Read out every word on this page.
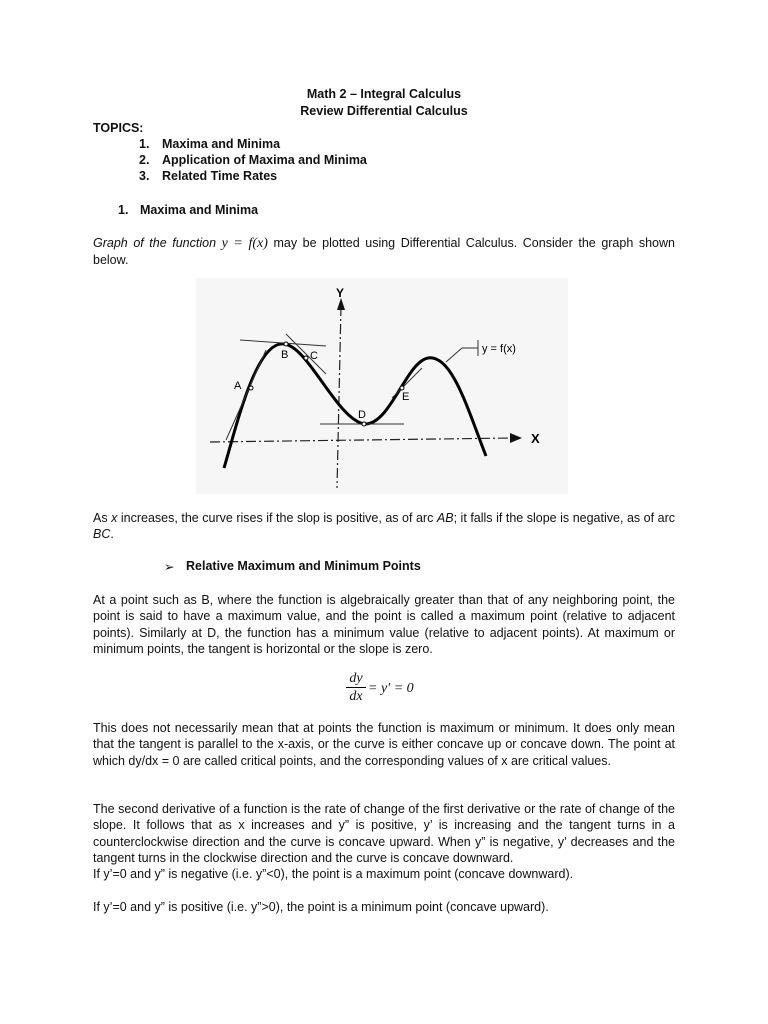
Math 2 – Integral Calculus
Review Differential Calculus
TOPICS:
1. Maxima and Minima
2. Application of Maxima and Minima
3. Related Time Rates
1. Maxima and Minima
Graph of the function y = f(x) may be plotted using Differential Calculus. Consider the graph shown below.
Y
X
A
B C
D
E
y = f(x)
As x increases, the curve rises if the slop is positive, as of arc AB; it falls if the slope is negative, as of arc BC.
➢ Relative Maximum and Minimum Points
At a point such as B, where the function is algebraically greater than that of any neighboring point, the point is said to have a maximum value, and the point is called a maximum point (relative to adjacent points). Similarly at D, the function has a minimum value (relative to adjacent points). At maximum or minimum points, the tangent is horizontal or the slope is zero.
dy
dx
= y′ = 0
This does not necessarily mean that at points the function is maximum or minimum. It does only mean that the tangent is parallel to the x-axis, or the curve is either concave up or concave down. The point at which dy/dx = 0 are called critical points, and the corresponding values of x are critical values.
The second derivative of a function is the rate of change of the first derivative or the rate of change of the slope. It follows that as x increases and y” is positive, y’ is increasing and the tangent turns in a counterclockwise direction and the curve is concave upward. When y” is negative, y’ decreases and the tangent turns in the clockwise direction and the curve is concave downward.
If y’=0 and y” is negative (i.e. y”<0), the point is a maximum point (concave downward).
If y’=0 and y” is positive (i.e. y”>0), the point is a minimum point (concave upward).
